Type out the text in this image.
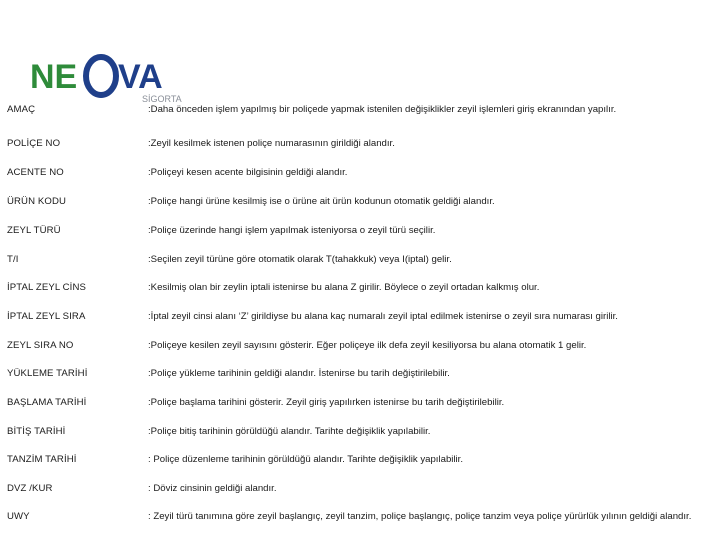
NE VA
SİGORTA
AMAÇ	:Daha önceden işlem yapılmış bir poliçede yapmak istenilen değişiklikler zeyil işlemleri giriş ekranından yapılır.
POLİÇE NO	:Zeyil kesilmek istenen poliçe numarasının girildiği alandır.
ACENTE NO	:Poliçeyi kesen acente bilgisinin geldiği alandır.
ÜRÜN KODU	:Poliçe hangi ürüne kesilmiş ise o ürüne ait ürün kodunun otomatik geldiği alandır.
ZEYL TÜRÜ	:Poliçe üzerinde hangi işlem yapılmak isteniyorsa o zeyil türü seçilir.
T/I	:Seçilen zeyil türüne göre otomatik olarak T(tahakkuk) veya I(iptal) gelir.
İPTAL ZEYL CİNS	:Kesilmiş olan bir zeylin iptali istenirse bu alana Z girilir. Böylece o zeyil ortadan kalkmış olur.
İPTAL ZEYL SIRA	:İptal zeyil cinsi alanı ‘Z’ girildiyse bu alana kaç numaralı zeyil iptal edilmek istenirse o zeyil sıra numarası girilir.
ZEYL SIRA NO	:Poliçeye kesilen zeyil sayısını gösterir. Eğer poliçeye ilk defa zeyil kesiliyorsa bu alana otomatik 1 gelir.
YÜKLEME TARİHİ	:Poliçe yükleme tarihinin geldiği alandır. İstenirse bu tarih değiştirilebilir.
BAŞLAMA TARİHİ	:Poliçe başlama tarihini gösterir. Zeyil giriş yapılırken istenirse bu tarih değiştirilebilir.
BİTİŞ TARİHİ	:Poliçe bitiş tarihinin görüldüğü alandır. Tarihte değişiklik yapılabilir.
TANZİM TARİHİ	: Poliçe düzenleme tarihinin görüldüğü alandır. Tarihte değişiklik yapılabilir.
DVZ /KUR	: Döviz cinsinin geldiği alandır.
UWY	: Zeyil türü tanımına göre zeyil başlangıç, zeyil tanzim, poliçe başlangıç, poliçe tanzim veya poliçe yürürlük yılının geldiği alandır.
